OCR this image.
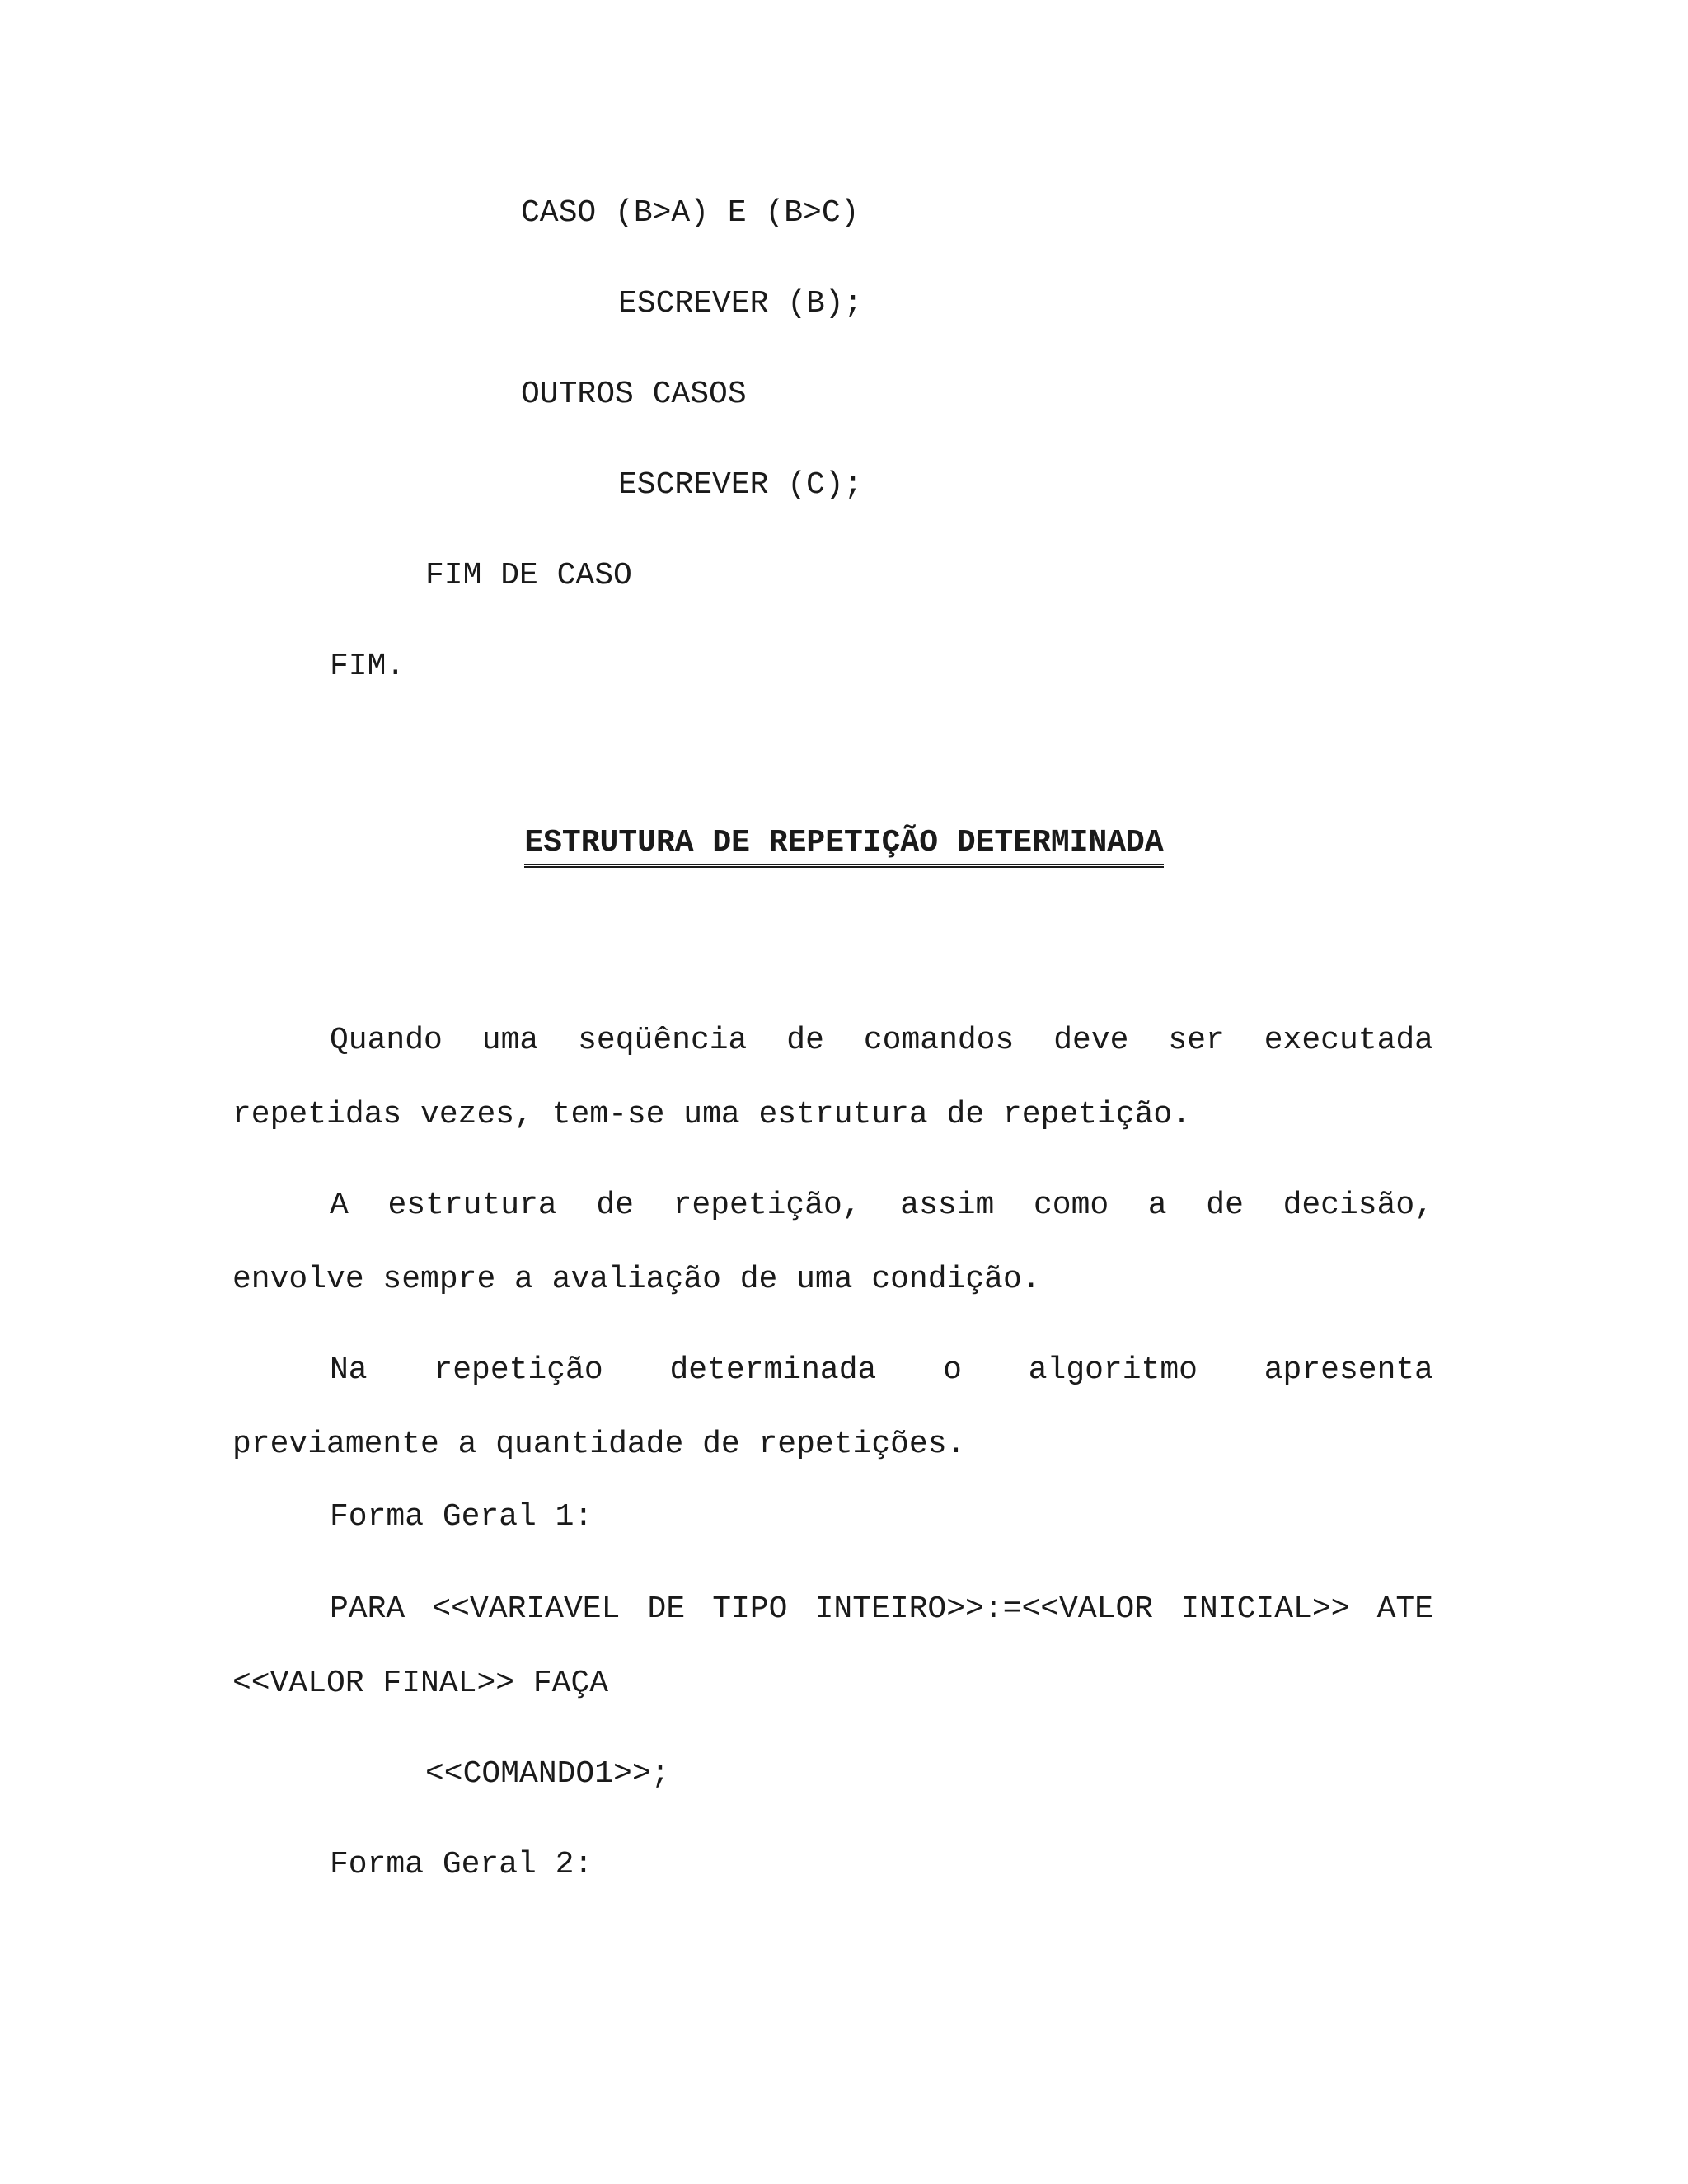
CASO (B>A) E (B>C)

ESCREVER (B);

OUTROS CASOS

ESCREVER (C);

FIM DE CASO

FIM.

ESTRUTURA DE REPETIÇÃO DETERMINADA
Quando uma seqüência de comandos deve ser executada
repetidas vezes, tem-se uma estrutura de repetição.
A estrutura de repetição, assim como a de decisão,
envolve sempre a avaliação de uma condição.
Na repetição determinada o algoritmo apresenta
previamente a quantidade de repetições.

Forma Geral 1:

PARA <<VARIAVEL DE TIPO INTEIRO>>:=<<VALOR INICIAL>> ATE
<<VALOR FINAL>> FAÇA

<<COMANDO1>>;

Forma Geral 2:
